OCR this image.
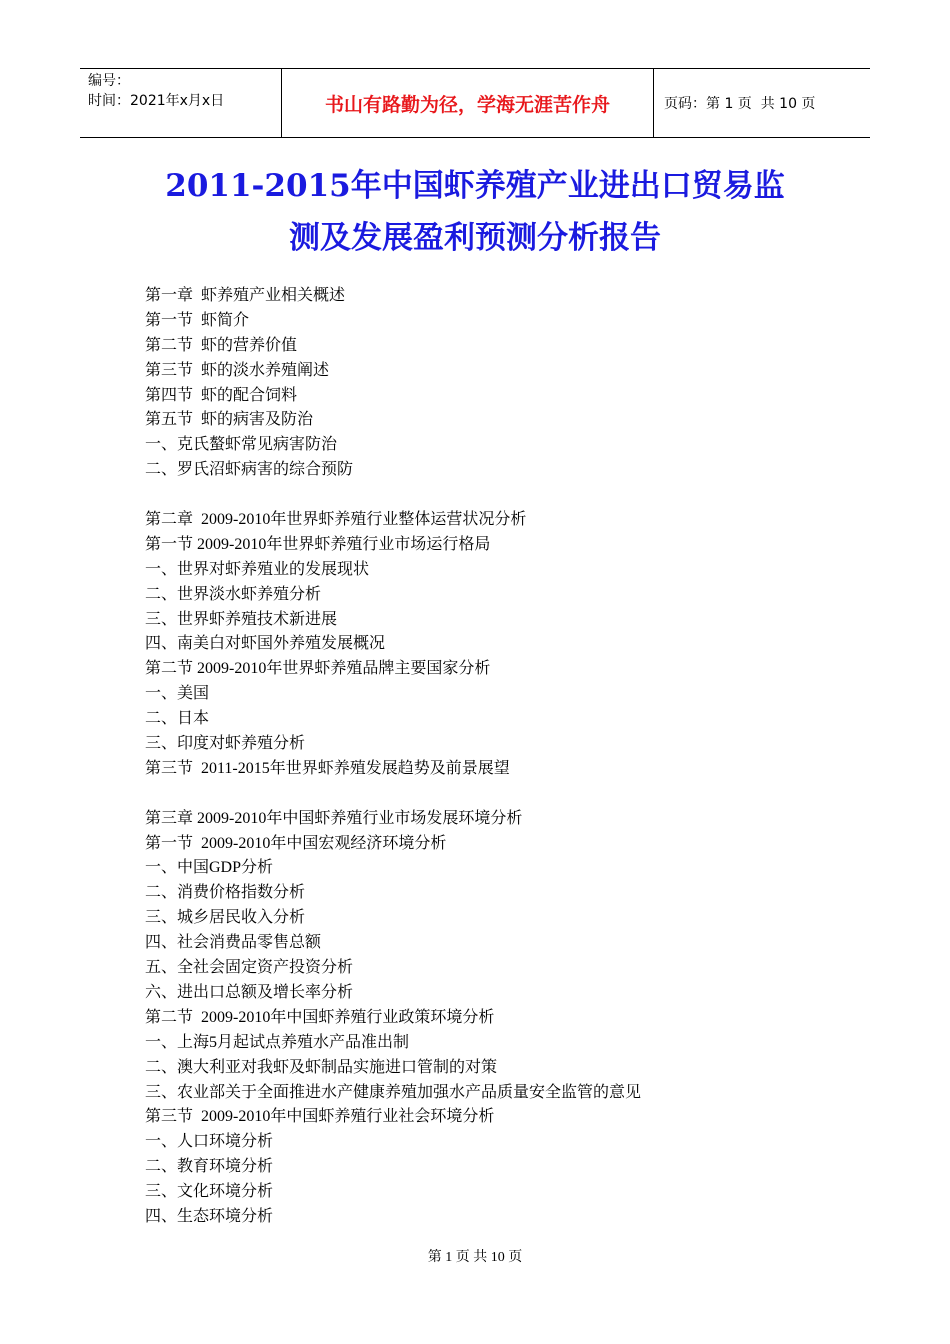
编号：
时间：2021年x月x日	书山有路勤为径，学海无涯苦作舟	页码：第 1 页  共 10 页
2011-2015年中国虾养殖产业进出口贸易监
测及发展盈利预测分析报告
第一章  虾养殖产业相关概述
第一节  虾简介
第二节  虾的营养价值
第三节  虾的淡水养殖阐述
第四节  虾的配合饲料
第五节  虾的病害及防治
一、克氏螯虾常见病害防治
二、罗氏沼虾病害的综合预防
第二章  2009-2010年世界虾养殖行业整体运营状况分析
第一节 2009-2010年世界虾养殖行业市场运行格局
一、世界对虾养殖业的发展现状
二、世界淡水虾养殖分析
三、世界虾养殖技术新进展
四、南美白对虾国外养殖发展概况
第二节 2009-2010年世界虾养殖品牌主要国家分析
一、美国
二、日本
三、印度对虾养殖分析
第三节  2011-2015年世界虾养殖发展趋势及前景展望
第三章 2009-2010年中国虾养殖行业市场发展环境分析
第一节  2009-2010年中国宏观经济环境分析
一、中国GDP分析
二、消费价格指数分析
三、城乡居民收入分析
四、社会消费品零售总额
五、全社会固定资产投资分析
六、进出口总额及增长率分析
第二节  2009-2010年中国虾养殖行业政策环境分析
一、上海5月起试点养殖水产品准出制
二、澳大利亚对我虾及虾制品实施进口管制的对策
三、农业部关于全面推进水产健康养殖加强水产品质量安全监管的意见
第三节  2009-2010年中国虾养殖行业社会环境分析
一、人口环境分析
二、教育环境分析
三、文化环境分析
四、生态环境分析
第 1 页 共 10 页
